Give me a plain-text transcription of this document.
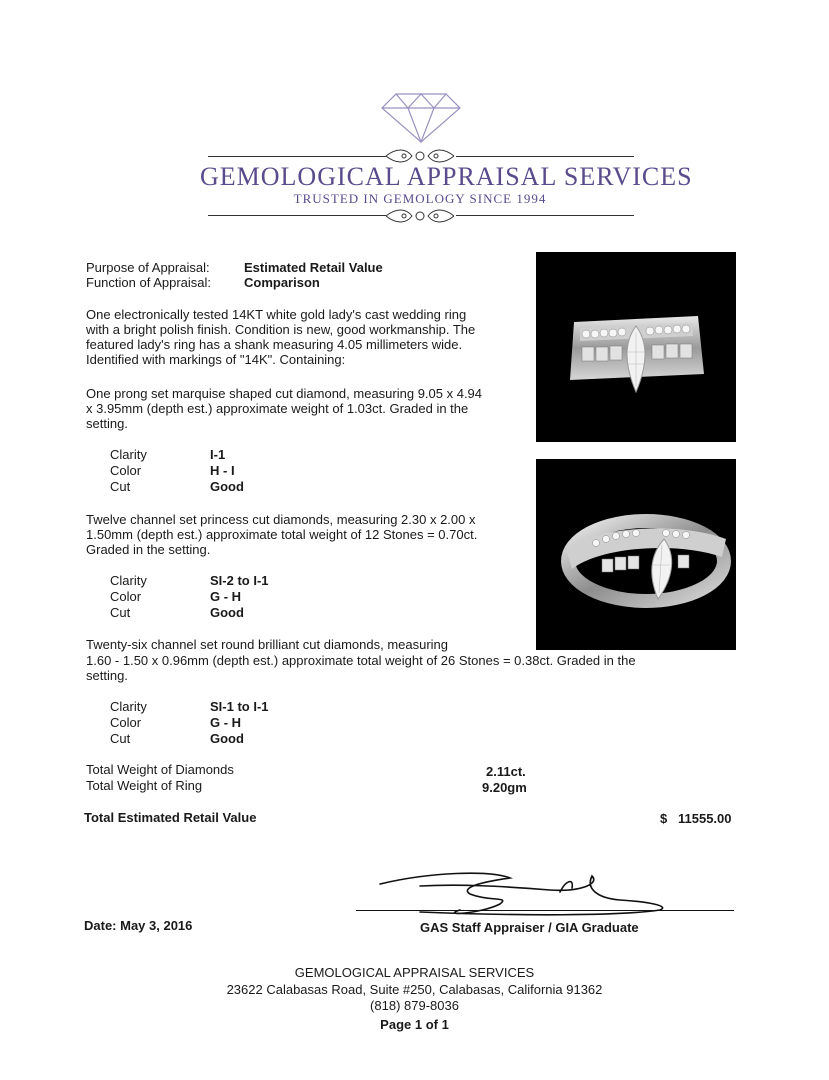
GEMOLOGICAL APPRAISAL SERVICES
TRUSTED IN GEMOLOGY SINCE 1994
Purpose of Appraisal:	Estimated Retail Value
Function of Appraisal:	Comparison
One electronically tested 14KT white gold lady's cast wedding ring with a bright polish finish. Condition is new, good workmanship. The featured lady's ring has a shank measuring 4.05 millimeters wide. Identified with markings of "14K". Containing:
One prong set marquise shaped cut diamond, measuring 9.05 x 4.94 x 3.95mm (depth est.) approximate weight of 1.03ct. Graded in the setting.
Clarity	I-1
Color	H - I
Cut	Good
Twelve channel set princess cut diamonds, measuring 2.30 x 2.00 x 1.50mm (depth est.) approximate total weight of 12 Stones = 0.70ct. Graded in the setting.
Clarity	SI-2 to I-1
Color	G - H
Cut	Good
Twenty-six channel set round brilliant cut diamonds, measuring
1.60 - 1.50 x 0.96mm (depth est.) approximate total weight of 26 Stones = 0.38ct. Graded in the
setting.
Clarity	SI-1 to I-1
Color	G - H
Cut	Good
Total Weight of Diamonds	2.11ct.
Total Weight of Ring	9.20gm
Total Estimated Retail Value	$ 11555.00
Date: May 3, 2016	GAS Staff Appraiser / GIA Graduate
GEMOLOGICAL APPRAISAL SERVICES
23622 Calabasas Road, Suite #250, Calabasas, California 91362
(818) 879-8036
Page 1 of 1
